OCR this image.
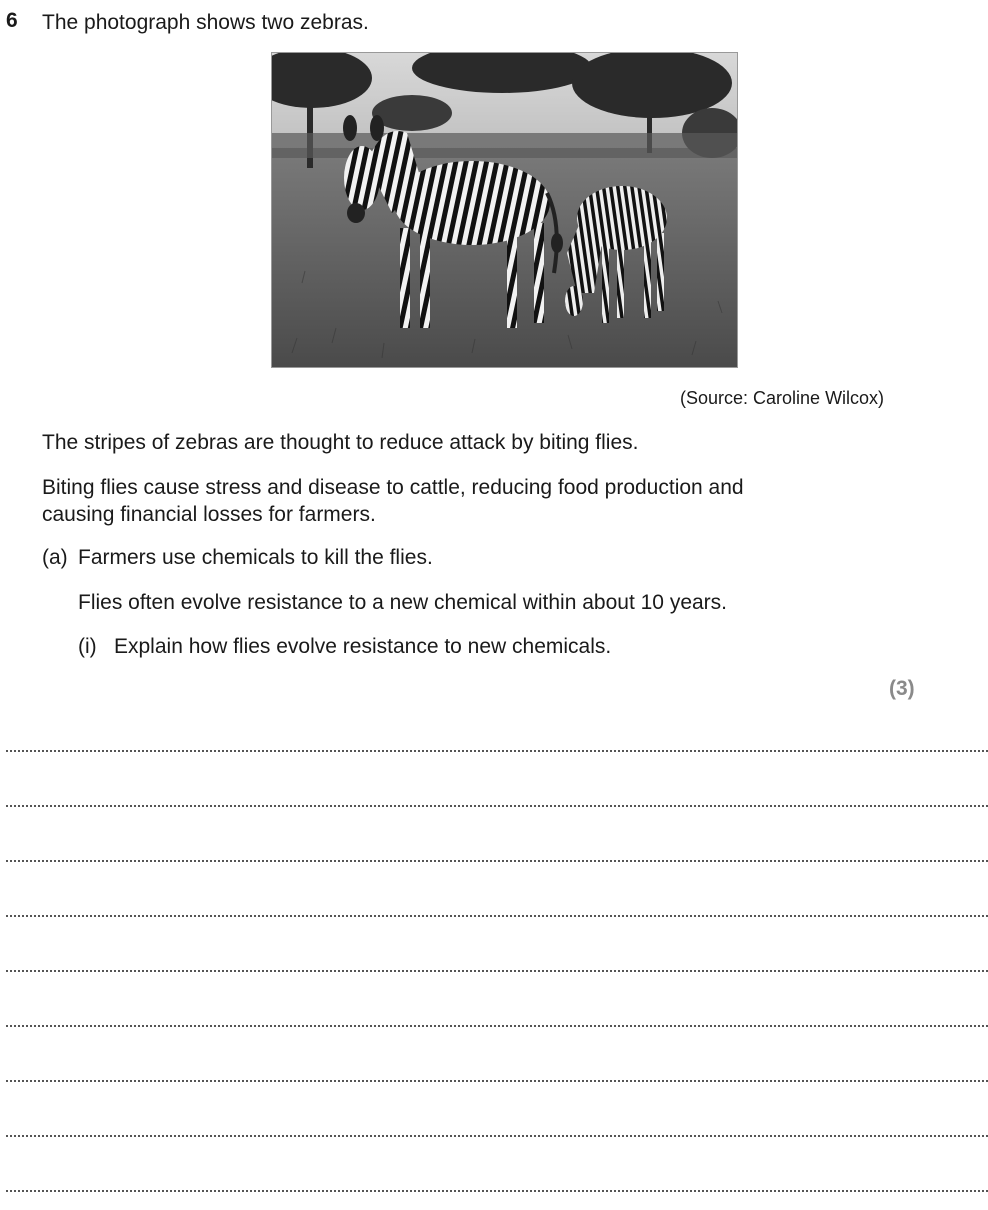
6 The photograph shows two zebras.
(Source: Caroline Wilcox)
The stripes of zebras are thought to reduce attack by biting flies.
Biting flies cause stress and disease to cattle, reducing food production and
causing financial losses for farmers.
(a) Farmers use chemicals to kill the flies.
Flies often evolve resistance to a new chemical within about 10 years.
(i) Explain how flies evolve resistance to new chemicals.
(3)
